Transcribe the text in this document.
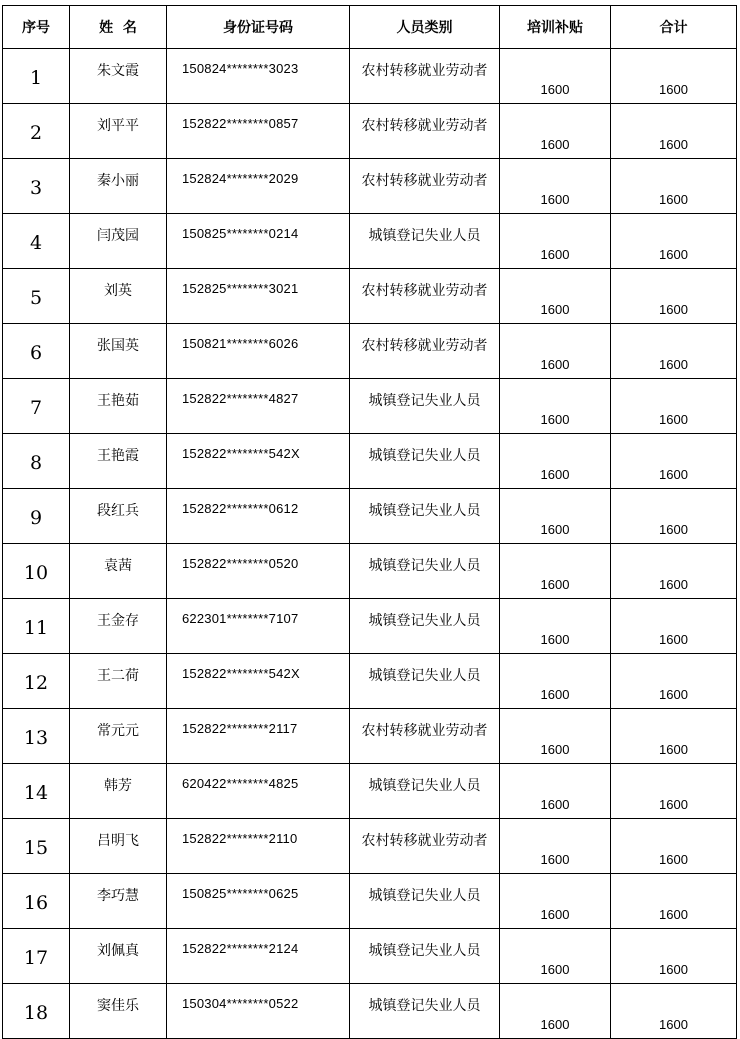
序号	姓  名	身份证号码	人员类别	培训补贴	合计
1	朱文霞	150824********3023	农村转移就业劳动者	1600	1600
2	刘平平	152822********0857	农村转移就业劳动者	1600	1600
3	秦小丽	152824********2029	农村转移就业劳动者	1600	1600
4	闫茂园	150825********0214	城镇登记失业人员	1600	1600
5	刘英	152825********3021	农村转移就业劳动者	1600	1600
6	张国英	150821********6026	农村转移就业劳动者	1600	1600
7	王艳茹	152822********4827	城镇登记失业人员	1600	1600
8	王艳霞	152822********542X	城镇登记失业人员	1600	1600
9	段红兵	152822********0612	城镇登记失业人员	1600	1600
10	袁茜	152822********0520	城镇登记失业人员	1600	1600
11	王金存	622301********7107	城镇登记失业人员	1600	1600
12	王二荷	152822********542X	城镇登记失业人员	1600	1600
13	常元元	152822********2117	农村转移就业劳动者	1600	1600
14	韩芳	620422********4825	城镇登记失业人员	1600	1600
15	吕明飞	152822********2110	农村转移就业劳动者	1600	1600
16	李巧慧	150825********0625	城镇登记失业人员	1600	1600
17	刘佩真	152822********2124	城镇登记失业人员	1600	1600
18	窦佳乐	150304********0522	城镇登记失业人员	1600	1600
